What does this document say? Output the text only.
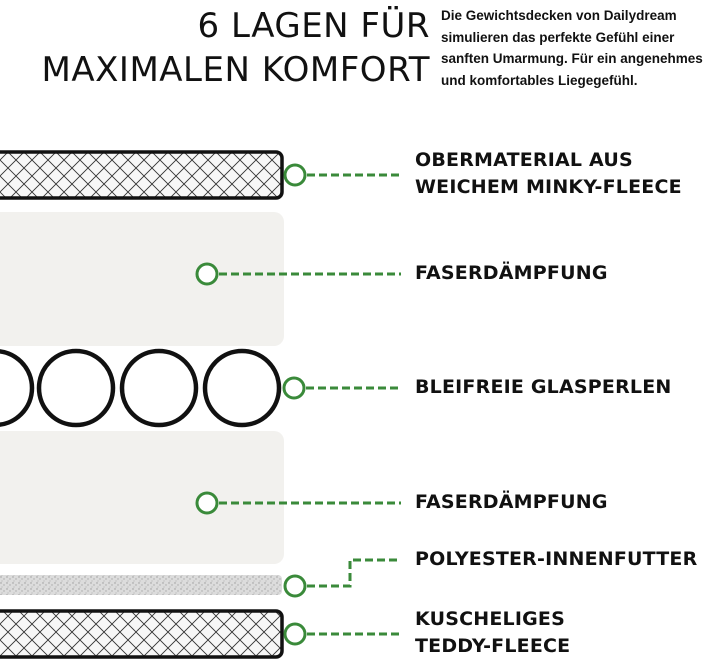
6 LAGEN FÜR
MAXIMALEN KOMFORT
Die Gewichtsdecken von Dailydream
simulieren das perfekte Gefühl einer
sanften Umarmung. Für ein angenehmes
und komfortables Liegegefühl.
OBERMATERIAL AUS
WEICHEM MINKY-FLEECE
FASERDÄMPFUNG
BLEIFREIE GLASPERLEN
FASERDÄMPFUNG
POLYESTER-INNENFUTTER
KUSCHELIGES
TEDDY-FLEECE
